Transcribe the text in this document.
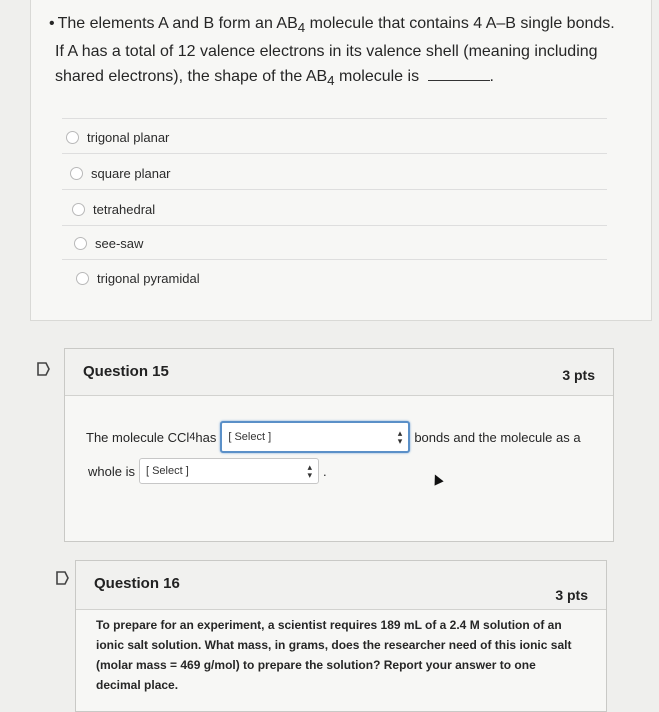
• The elements A and B form an $AB_4$ molecule that contains 4 A–B single bonds. If A has a total of 12 valence electrons in its valence shell (meaning including shared electrons), the shape of the $AB_4$ molecule is	.
trigonal planar
square planar
tetrahedral
see-saw
trigonal pyramidal
Question 15	3 pts
The molecule CCl 4 has [ Select ]	▴
▾ bonds and the molecule as a
whole is [ Select ]	▴
▾ .
Question 16
3 pts
To prepare for an experiment, a scientist requires 189 mL of a 2.4 M solution of an ionic salt solution. What mass, in grams, does the researcher need of this ionic salt (molar mass = 469 g/mol) to prepare the solution? Report your answer to one decimal place.
